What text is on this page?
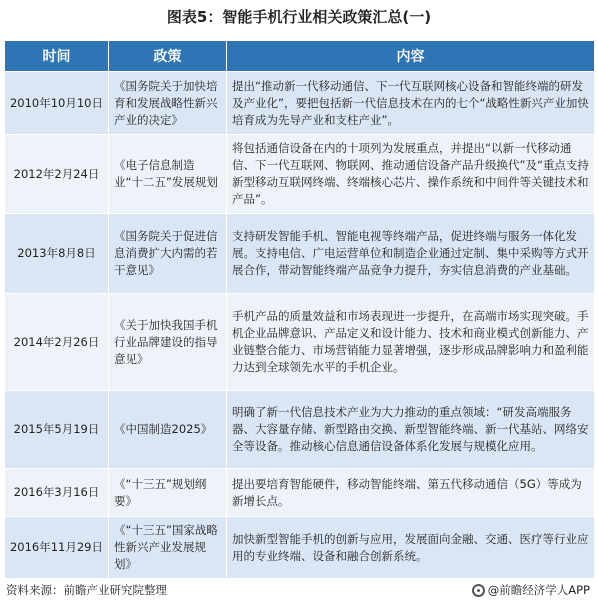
图表5：智能手机行业相关政策汇总(一)
时间	政策	内容
2010年10月10日	《国务院关于加快培育和发展战略性新兴产业的决定》	提出“推动新一代移动通信、下一代互联网核心设备和智能终端的研发及产业化”，要把包括新一代信息技术在内的七个“战略性新兴产业加快培育成为先导产业和支柱产业”。
2012年2月24日	《电子信息制造业“十二五”发展规划	将包括通信设备在内的十项列为发展重点，并提出“以新一代移动通信、下一代互联网、物联网、推动通信设备产品升级换代”及“重点支持新型移动互联网终端、终端核心芯片、操作系统和中间件等关键技术和产品”。
2013年8月8日	《国务院关于促进信息消费扩大内需的若干意见》	支持研发智能手机、智能电视等终端产品，促进终端与服务一体化发展。支持电信、广电运营单位和制造企业通过定制、集中采购等方式开展合作，带动智能终端产品竞争力提升，夯实信息消费的产业基础。
2014年2月26日	《关于加快我国手机行业品牌建设的指导意见》	手机产品的质量效益和市场表现进一步提升，在高端市场实现突破。手机企业品牌意识、产品定义和设计能力、技术和商业模式创新能力、产业链整合能力、市场营销能力显著增强，逐步形成品牌影响力和盈利能力达到全球领先水平的手机企业。
2015年5月19日	《中国制造2025》	明确了新一代信息技术产业为大力推动的重点领域：“研发高端服务器、大容量存储、新型路由交换、新型智能终端、新一代基站、网络安全等设备。推动核心信息通信设备体系化发展与规模化应用。
2016年3月16日	《“十三五”规划纲要》	提出要培育智能硬件，移动智能终端、第五代移动通信（5G）等成为新增长点。
2016年11月29日	《“十三五”国家战略性新兴产业发展规划》	加快新型智能手机的创新与应用，发展面向金融、交通、医疗等行业应用的专业终端、设备和融合创新系统。
资料来源：前瞻产业研究院整理	@前瞻经济学人APP
